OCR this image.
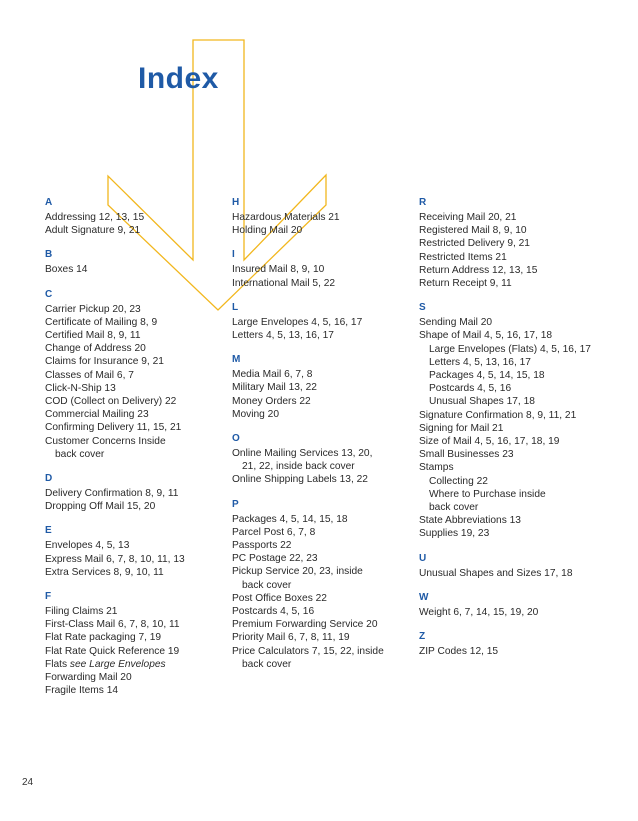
Index
A
Addressing 12, 13, 15
Adult Signature 9, 21
B
Boxes 14
C
Carrier Pickup 20, 23
Certificate of Mailing 8, 9
Certified Mail 8, 9, 11
Change of Address 20
Claims for Insurance 9, 21
Classes of Mail 6, 7
Click-N-Ship 13
COD (Collect on Delivery) 22
Commercial Mailing 23
Confirming Delivery 11, 15, 21
Customer Concerns Inside
back cover
D
Delivery Confirmation 8, 9, 11
Dropping Off Mail 15, 20
E
Envelopes 4, 5, 13
Express Mail 6, 7, 8, 10, 11, 13
Extra Services 8, 9, 10, 11
F
Filing Claims 21
First-Class Mail 6, 7, 8, 10, 11
Flat Rate packaging 7, 19
Flat Rate Quick Reference 19
Flats see Large Envelopes
Forwarding Mail 20
Fragile Items 14
H
Hazardous Materials 21
Holding Mail 20
I
Insured Mail 8, 9, 10
International Mail 5, 22
L
Large Envelopes 4, 5, 16, 17
Letters 4, 5, 13, 16, 17
M
Media Mail 6, 7, 8
Military Mail 13, 22
Money Orders 22
Moving 20
O
Online Mailing Services 13, 20,
21, 22, inside back cover
Online Shipping Labels 13, 22
P
Packages 4, 5, 14, 15, 18
Parcel Post 6, 7, 8
Passports 22
PC Postage 22, 23
Pickup Service 20, 23, inside
back cover
Post Office Boxes 22
Postcards 4, 5, 16
Premium Forwarding Service 20
Priority Mail 6, 7, 8, 11, 19
Price Calculators 7, 15, 22, inside
back cover
R
Receiving Mail 20, 21
Registered Mail 8, 9, 10
Restricted Delivery 9, 21
Restricted Items 21
Return Address 12, 13, 15
Return Receipt 9, 11
S
Sending Mail 20
Shape of Mail 4, 5, 16, 17, 18
Large Envelopes (Flats) 4, 5, 16, 17
Letters 4, 5, 13, 16, 17
Packages 4, 5, 14, 15, 18
Postcards 4, 5, 16
Unusual Shapes 17, 18
Signature Confirmation 8, 9, 11, 21
Signing for Mail 21
Size of Mail 4, 5, 16, 17, 18, 19
Small Businesses 23
Stamps
Collecting 22
Where to Purchase inside
back cover
State Abbreviations 13
Supplies 19, 23
U
Unusual Shapes and Sizes 17, 18
W
Weight 6, 7, 14, 15, 19, 20
Z
ZIP Codes 12, 15
24
